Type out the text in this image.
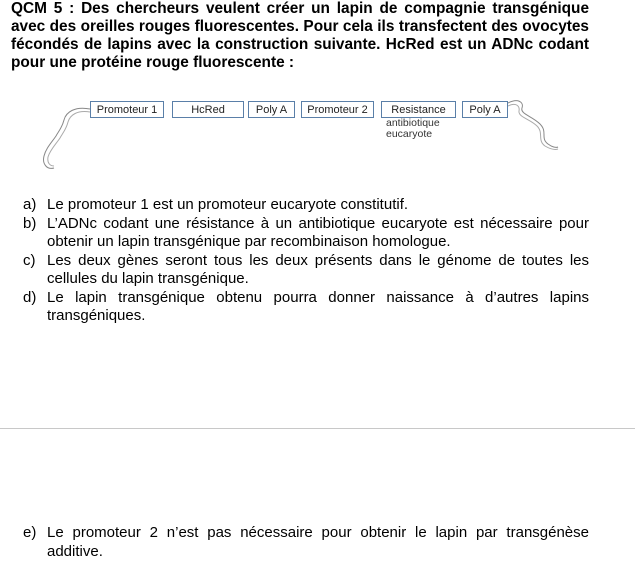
QCM 5 : Des chercheurs veulent créer un lapin de compagnie transgénique avec des oreilles rouges fluorescentes. Pour cela ils transfectent des ovocytes fécondés de lapins avec la construction suivante. HcRed est un ADNc codant pour une protéine rouge fluorescente :

Promoteur 1	HcRed	Poly A	Promoteur 2	Resistance	Poly A
antibiotique
eucaryote
a) Le promoteur 1 est un promoteur eucaryote constitutif.
b) L’ADNc codant une résistance à un antibiotique eucaryote est nécessaire pour obtenir un lapin transgénique par recombinaison homologue.
c) Les deux gènes seront tous les deux présents dans le génome de toutes les cellules du lapin transgénique.
d) Le lapin transgénique obtenu pourra donner naissance à d’autres lapins transgéniques.
e) Le promoteur 2 n’est pas nécessaire pour obtenir le lapin par transgénèse additive.
